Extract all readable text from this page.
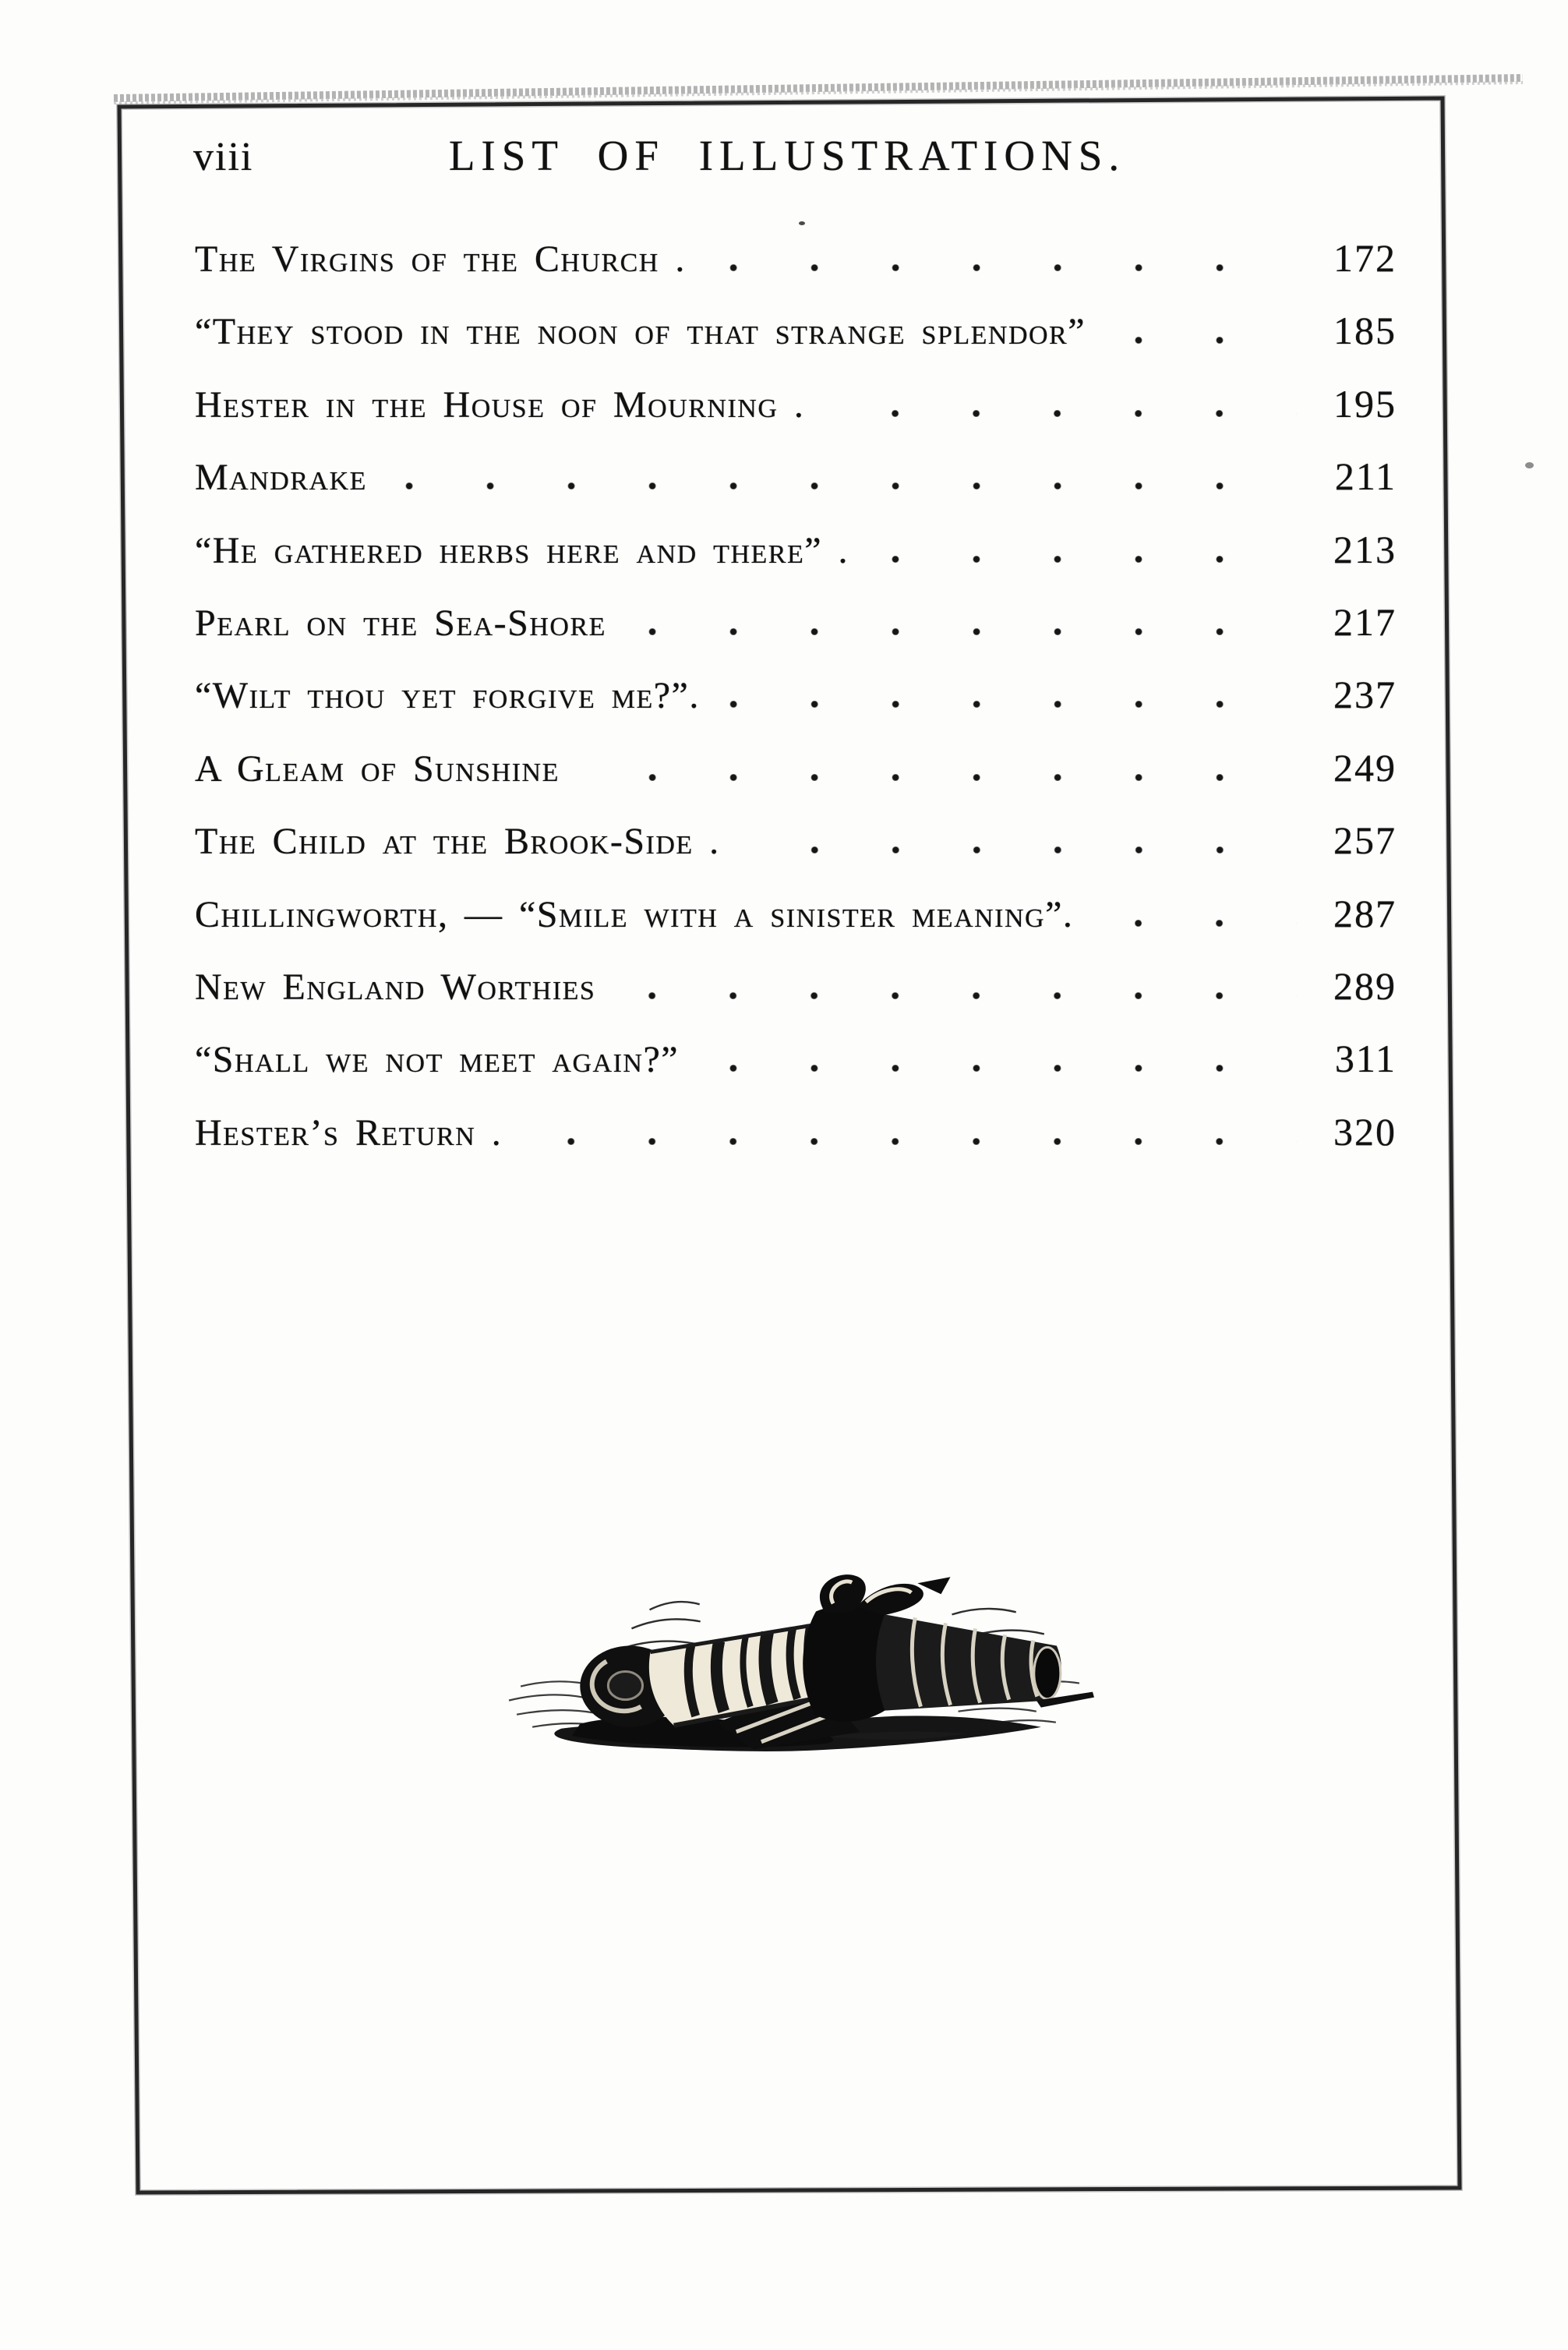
viii	LIST OF ILLUSTRATIONS.
The Virgins of the Church .	172
“They stood in the noon of that strange splendor”	185
Hester in the House of Mourning .	195
Mandrake	211
“He gathered herbs here and there” .	213
Pearl on the Sea-Shore	217
“Wilt thou yet forgive me?”.	237
A Gleam of Sunshine	249
The Child at the Brook-Side .	257
Chillingworth, — “Smile with a sinister meaning”.	287
New England Worthies	289
“Shall we not meet again?”	311
Hester’s Return .	320
